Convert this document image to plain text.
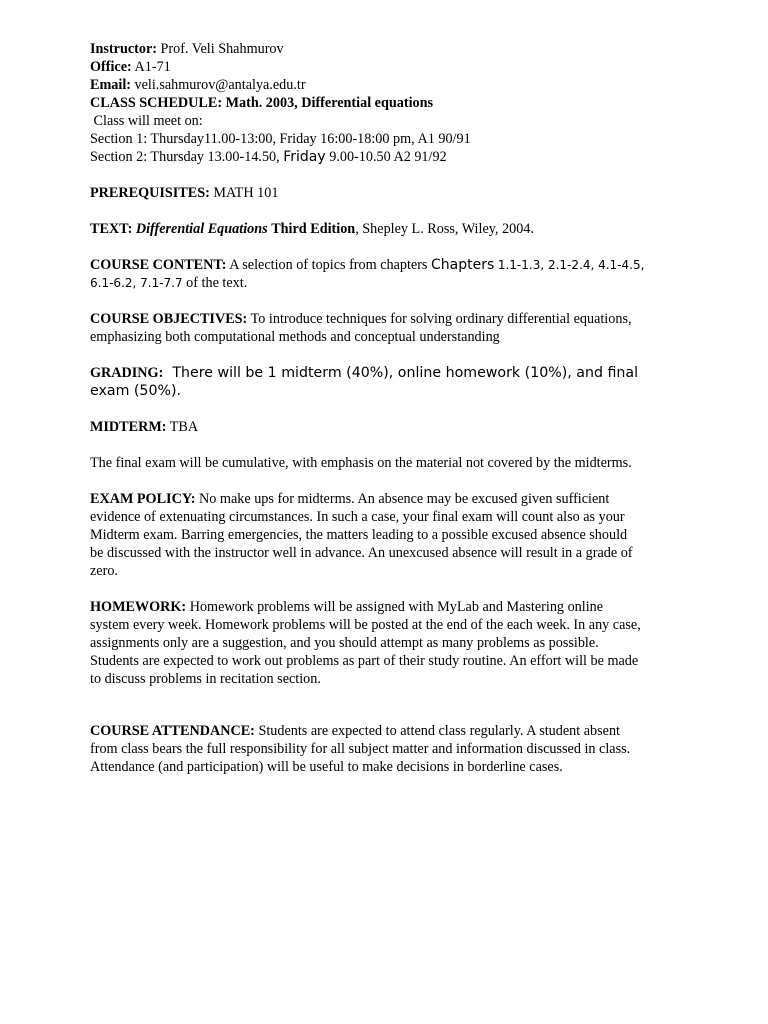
Instructor: Prof. Veli Shahmurov
Office: A1-71
Email: veli.sahmurov@antalya.edu.tr
CLASS SCHEDULE: Math. 2003, Differential equations
Class will meet on:
Section 1: Thursday11.00-13:00, Friday 16:00-18:00 pm, A1 90/91
Section 2: Thursday 13.00-14.50, Friday 9.00-10.50 A2 91/92
PREREQUISITES: MATH 101
TEXT: Differential Equations Third Edition, Shepley L. Ross, Wiley, 2004.
COURSE CONTENT: A selection of topics from chapters Chapters 1.1-1.3, 2.1-2.4, 4.1-4.5,
6.1-6.2, 7.1-7.7 of the text.
COURSE OBJECTIVES: To introduce techniques for solving ordinary differential equations,
emphasizing both computational methods and conceptual understanding
GRADING: There will be 1 midterm (40%), online homework (10%), and final
exam (50%).
MIDTERM: TBA
The final exam will be cumulative, with emphasis on the material not covered by the midterms.
EXAM POLICY: No make ups for midterms. An absence may be excused given sufficient
evidence of extenuating circumstances. In such a case, your final exam will count also as your
Midterm exam. Barring emergencies, the matters leading to a possible excused absence should
be discussed with the instructor well in advance. An unexcused absence will result in a grade of
zero.
HOMEWORK: Homework problems will be assigned with MyLab and Mastering online
system every week. Homework problems will be posted at the end of the each week. In any case,
assignments only are a suggestion, and you should attempt as many problems as possible.
Students are expected to work out problems as part of their study routine. An effort will be made
to discuss problems in recitation section.
COURSE ATTENDANCE: Students are expected to attend class regularly. A student absent
from class bears the full responsibility for all subject matter and information discussed in class.
Attendance (and participation) will be useful to make decisions in borderline cases.
